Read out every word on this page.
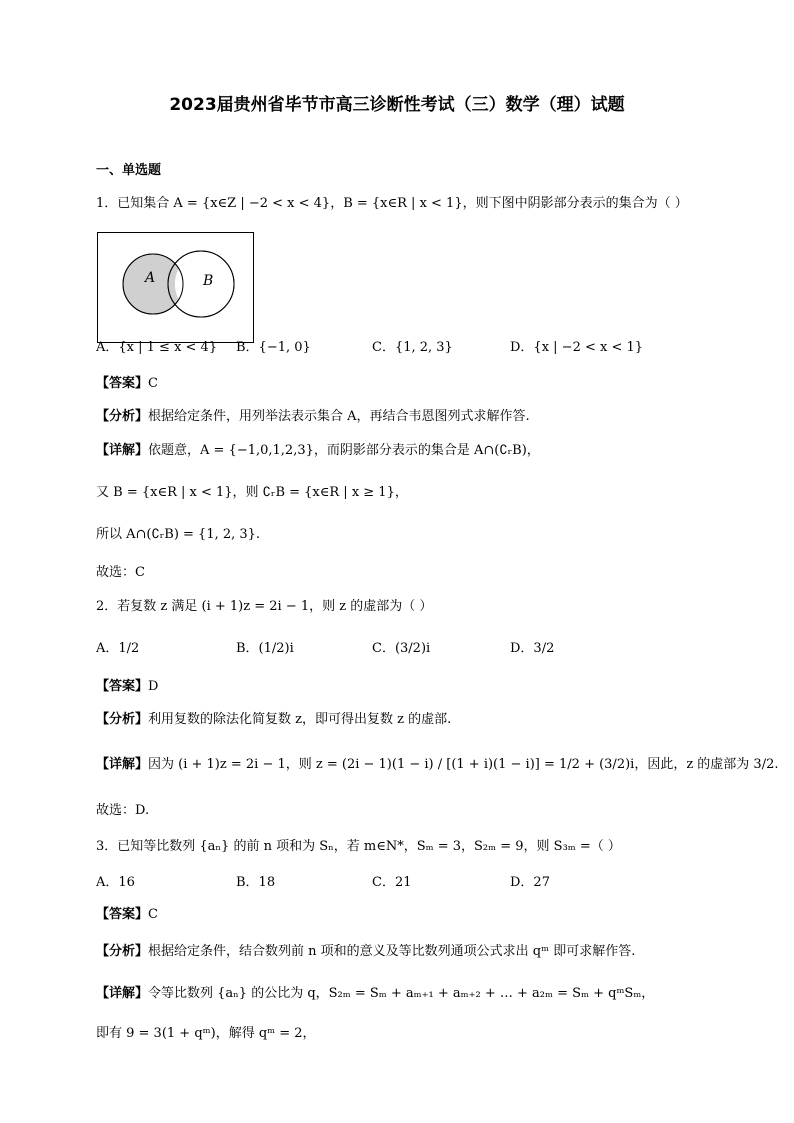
2023届贵州省毕节市高三诊断性考试（三）数学（理）试题
一、单选题
1．已知集合 A = {x∈Z | −2 < x < 4}，B = {x∈R | x < 1}，则下图中阴影部分表示的集合为（ ）
A	B
A．{x | 1 ≤ x < 4} B．{−1, 0}	C．{1, 2, 3}	D．{x | −2 < x < 1}
【答案】C
【分析】根据给定条件，用列举法表示集合 A，再结合韦恩图列式求解作答.
【详解】依题意，A = {−1,0,1,2,3}，而阴影部分表示的集合是 A∩(∁ᵣB)，
又 B = {x∈R | x < 1}，则 ∁ᵣB = {x∈R | x ≥ 1}，
所以 A∩(∁ᵣB) = {1, 2, 3}.
故选：C
2．若复数 z 满足 (i + 1)z = 2i − 1，则 z 的虚部为（ ）
A．1/2	B．(1/2)i	C．(3/2)i	D．3/2
【答案】D
【分析】利用复数的除法化简复数 z，即可得出复数 z 的虚部.
【详解】因为 (i + 1)z = 2i − 1，则 z = (2i − 1)(1 − i) / [(1 + i)(1 − i)] = 1/2 + (3/2)i，因此，z 的虚部为 3/2.
故选：D.
3．已知等比数列 {aₙ} 的前 n 项和为 Sₙ，若 m∈N*，Sₘ = 3，S₂ₘ = 9，则 S₃ₘ =（ ）
A．16	B．18	C．21	D．27
【答案】C
【分析】根据给定条件，结合数列前 n 项和的意义及等比数列通项公式求出 qᵐ 即可求解作答.
【详解】令等比数列 {aₙ} 的公比为 q，S₂ₘ = Sₘ + aₘ₊₁ + aₘ₊₂ + … + a₂ₘ = Sₘ + qᵐSₘ，
即有 9 = 3(1 + qᵐ)，解得 qᵐ = 2，
